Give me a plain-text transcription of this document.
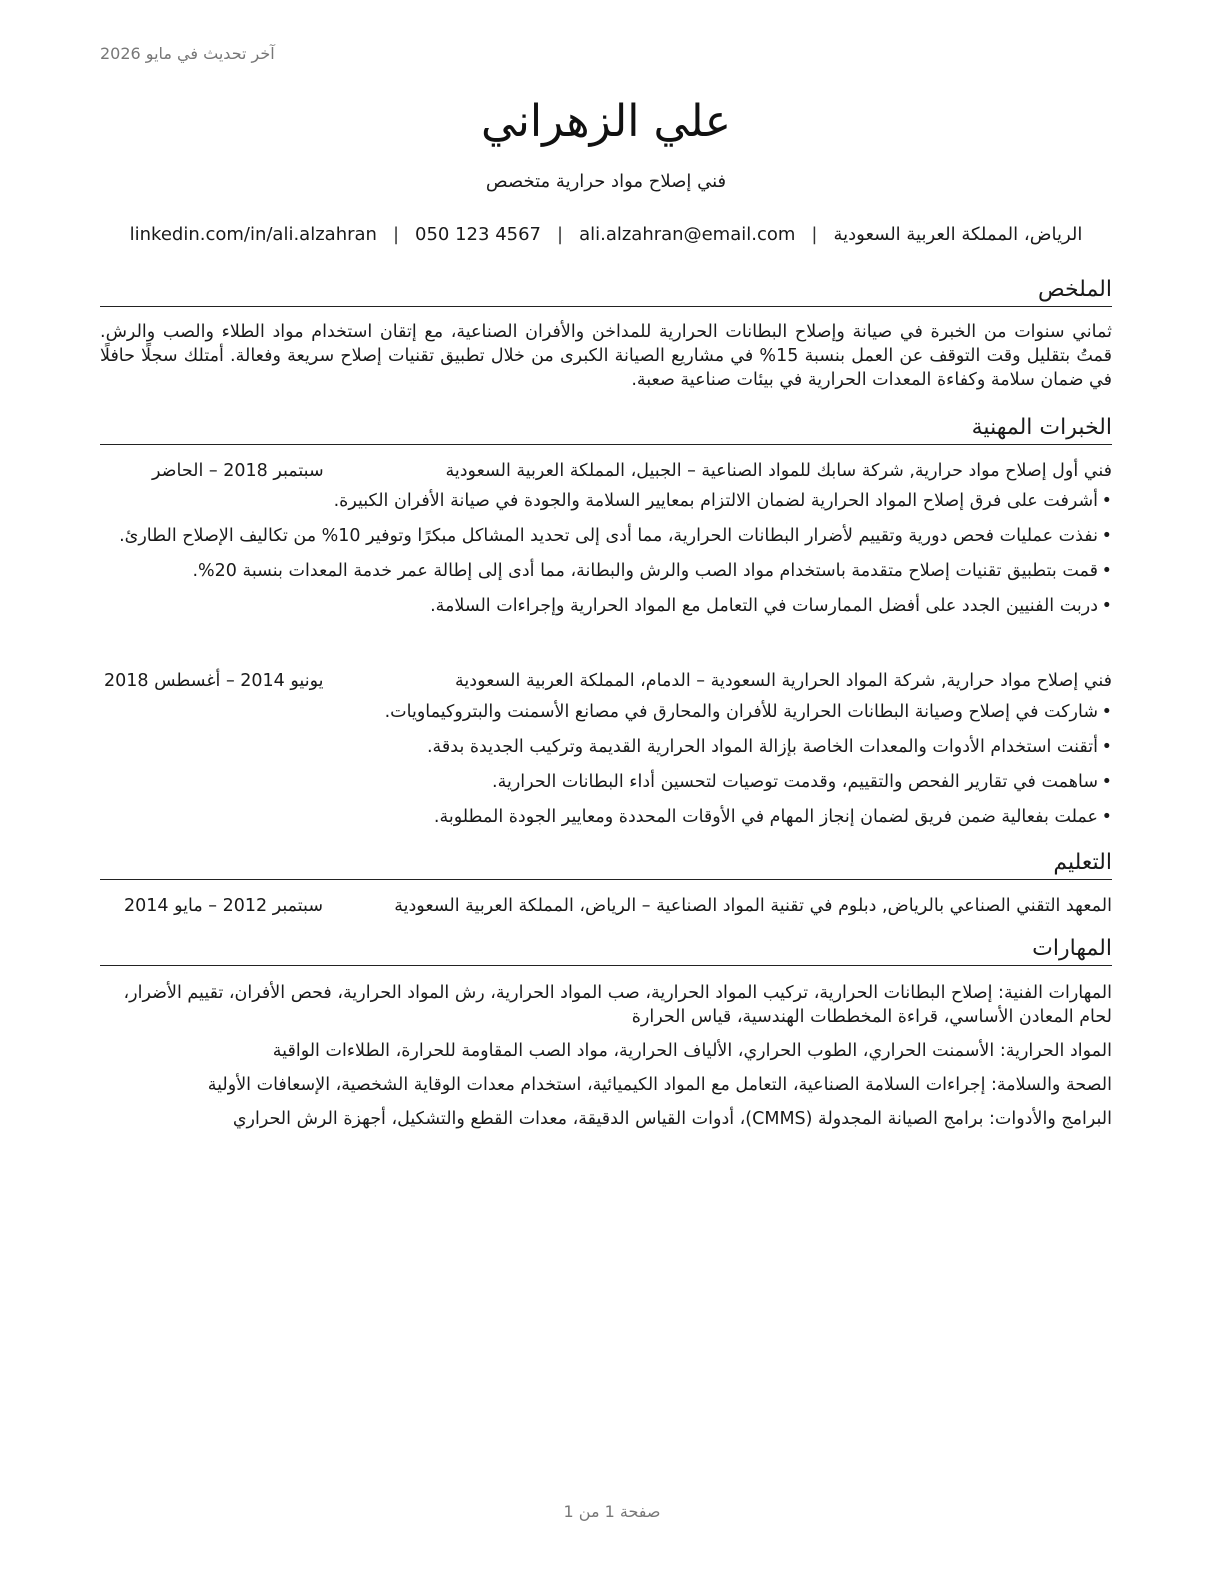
آخر تحديث في مايو 2026
علي الزهراني
فني إصلاح مواد حرارية متخصص
الرياض، المملكة العربية السعودية|ali.alzahran@email.com|050 123 4567|linkedin.com/in/ali.alzahran
الملخص
ثماني سنوات من الخبرة في صيانة وإصلاح البطانات الحرارية للمداخن والأفران الصناعية، مع إتقان استخدام مواد الطلاء والصب والرش. قمتُ بتقليل وقت التوقف عن العمل بنسبة 15% في مشاريع الصيانة الكبرى من خلال تطبيق تقنيات إصلاح سريعة وفعالة. أمتلك سجلًا حافلًا في ضمان سلامة وكفاءة المعدات الحرارية في بيئات صناعية صعبة.
الخبرات المهنية
فني أول إصلاح مواد حرارية, شركة سابك للمواد الصناعية – الجبيل، المملكة العربية السعودية
سبتمبر 2018 – الحاضر
• أشرفت على فرق إصلاح المواد الحرارية لضمان الالتزام بمعايير السلامة والجودة في صيانة الأفران الكبيرة.
• نفذت عمليات فحص دورية وتقييم لأضرار البطانات الحرارية، مما أدى إلى تحديد المشاكل مبكرًا وتوفير 10% من تكاليف الإصلاح الطارئ.
• قمت بتطبيق تقنيات إصلاح متقدمة باستخدام مواد الصب والرش والبطانة، مما أدى إلى إطالة عمر خدمة المعدات بنسبة 20%.
• دربت الفنيين الجدد على أفضل الممارسات في التعامل مع المواد الحرارية وإجراءات السلامة.
فني إصلاح مواد حرارية, شركة المواد الحرارية السعودية – الدمام، المملكة العربية السعودية
يونيو 2014 – أغسطس 2018
• شاركت في إصلاح وصيانة البطانات الحرارية للأفران والمحارق في مصانع الأسمنت والبتروكيماويات.
• أتقنت استخدام الأدوات والمعدات الخاصة بإزالة المواد الحرارية القديمة وتركيب الجديدة بدقة.
• ساهمت في تقارير الفحص والتقييم، وقدمت توصيات لتحسين أداء البطانات الحرارية.
• عملت بفعالية ضمن فريق لضمان إنجاز المهام في الأوقات المحددة ومعايير الجودة المطلوبة.
التعليم
المعهد التقني الصناعي بالرياض, دبلوم في تقنية المواد الصناعية – الرياض، المملكة العربية السعودية
سبتمبر 2012 – مايو 2014
المهارات

المهارات الفنية: إصلاح البطانات الحرارية، تركيب المواد الحرارية، صب المواد الحرارية، رش المواد الحرارية، فحص الأفران، تقييم الأضرار، لحام المعادن الأساسي، قراءة المخططات الهندسية، قياس الحرارة

المواد الحرارية: الأسمنت الحراري، الطوب الحراري، الألياف الحرارية، مواد الصب المقاومة للحرارة، الطلاءات الواقية

الصحة والسلامة: إجراءات السلامة الصناعية، التعامل مع المواد الكيميائية، استخدام معدات الوقاية الشخصية، الإسعافات الأولية

البرامج والأدوات: برامج الصيانة المجدولة (CMMS)، أدوات القياس الدقيقة، معدات القطع والتشكيل، أجهزة الرش الحراري

صفحة 1 من 1
